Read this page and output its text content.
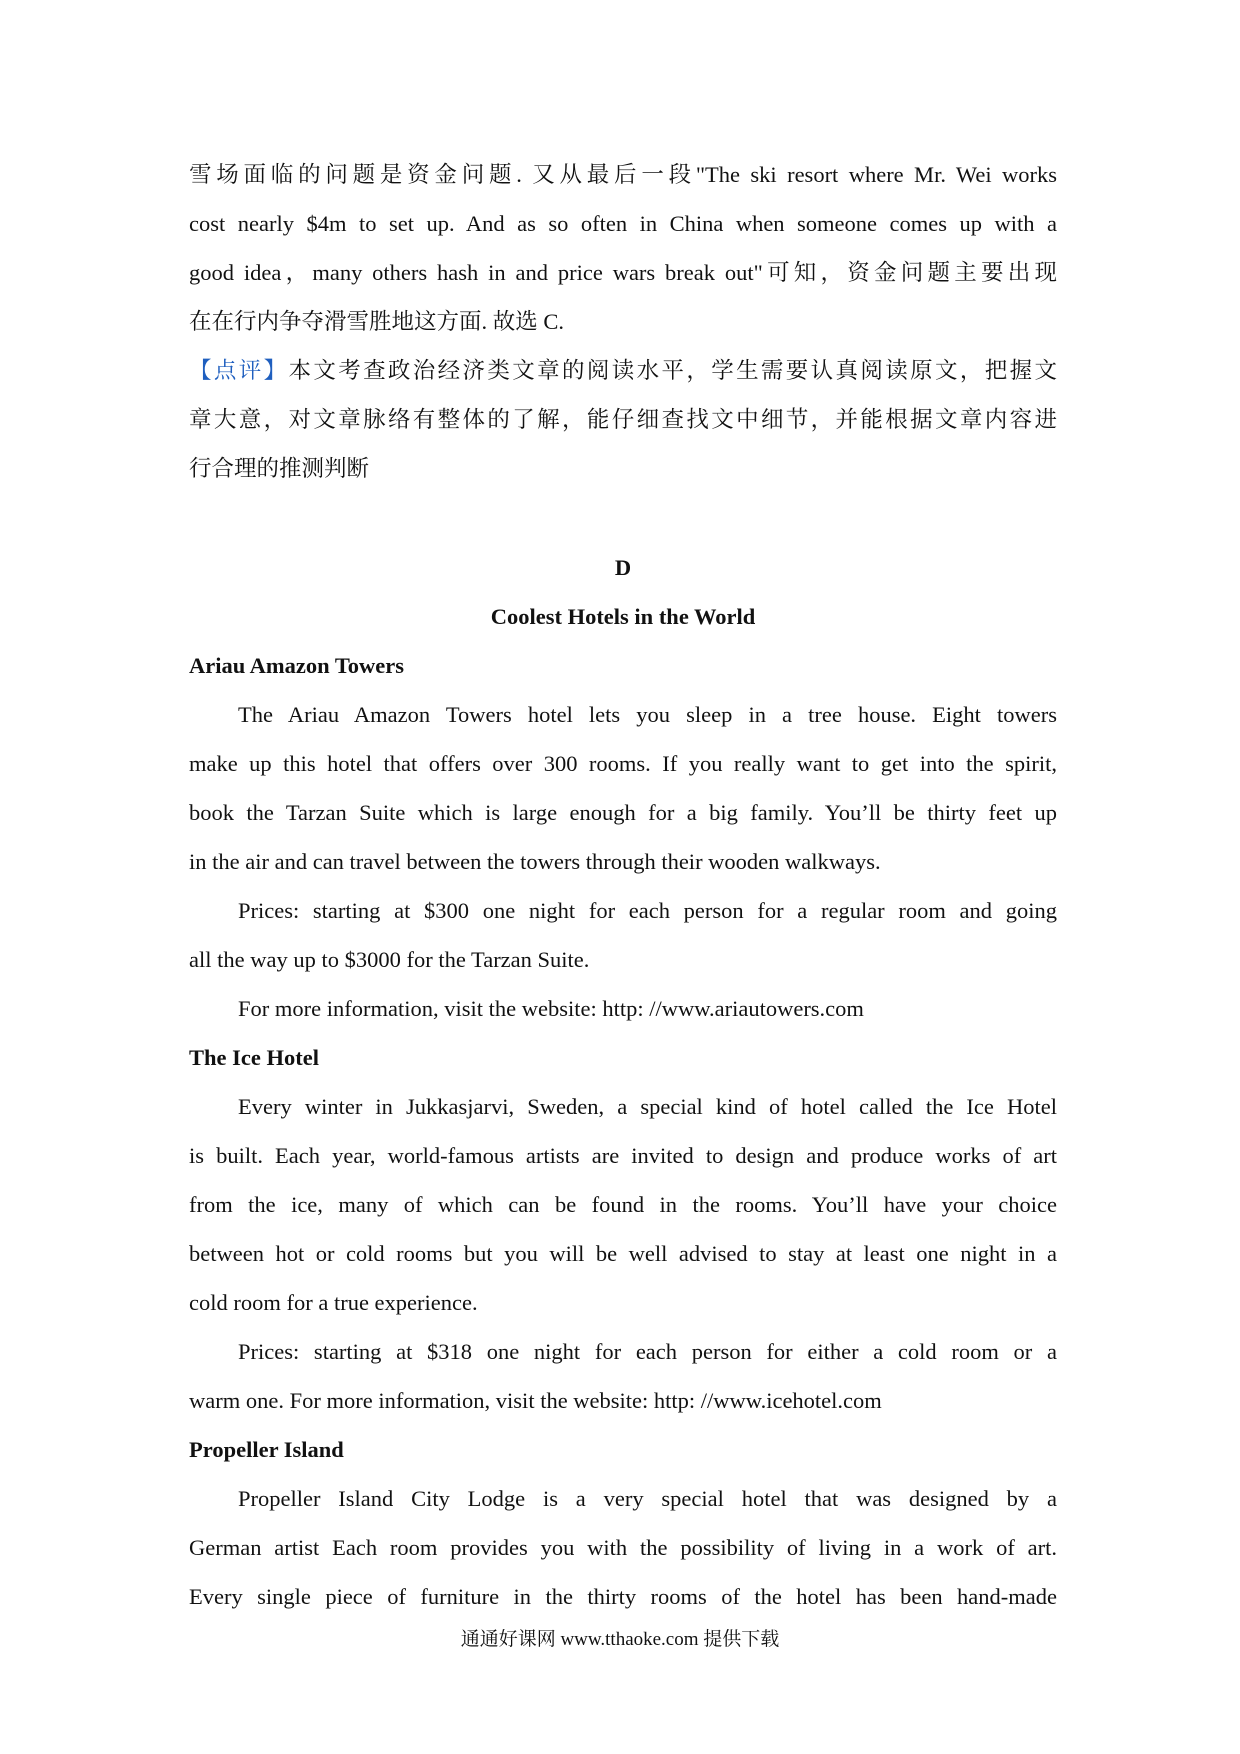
雪场面临的问题是资金问题. 又从最后一段"The ski resort where Mr. Wei works
cost nearly $4m to set up. And as so often in China when someone comes up with a
good idea，many others hash in and price wars break out"可知，资金问题主要出现
在在行内争夺滑雪胜地这方面. 故选 C.
【点评】本文考查政治经济类文章的阅读水平，学生需要认真阅读原文，把握文
章大意，对文章脉络有整体的了解，能仔细查找文中细节，并能根据文章内容进
行合理的推测判断
D
Coolest Hotels in the World
Ariau Amazon Towers
The Ariau Amazon Towers hotel lets you sleep in a tree house. Eight towers
make up this hotel that offers over 300 rooms. If you really want to get into the spirit,
book the Tarzan Suite which is large enough for a big family. You’ll be thirty feet up
in the air and can travel between the towers through their wooden walkways.
Prices: starting at $300 one night for each person for a regular room and going
all the way up to $3000 for the Tarzan Suite.
For more information, visit the website: http: //www.ariautowers.com
The Ice Hotel
Every winter in Jukkasjarvi, Sweden, a special kind of hotel called the Ice Hotel
is built. Each year, world-famous artists are invited to design and produce works of art
from the ice, many of which can be found in the rooms. You’ll have your choice
between hot or cold rooms but you will be well advised to stay at least one night in a
cold room for a true experience.
Prices: starting at $318 one night for each person for either a cold room or a
warm one. For more information, visit the website: http: //www.icehotel.com
Propeller Island
Propeller Island City Lodge is a very special hotel that was designed by a
German artist Each room provides you with the possibility of living in a work of art.
Every single piece of furniture in the thirty rooms of the hotel has been hand-made
通通好课网 www.tthaoke.com 提供下载
